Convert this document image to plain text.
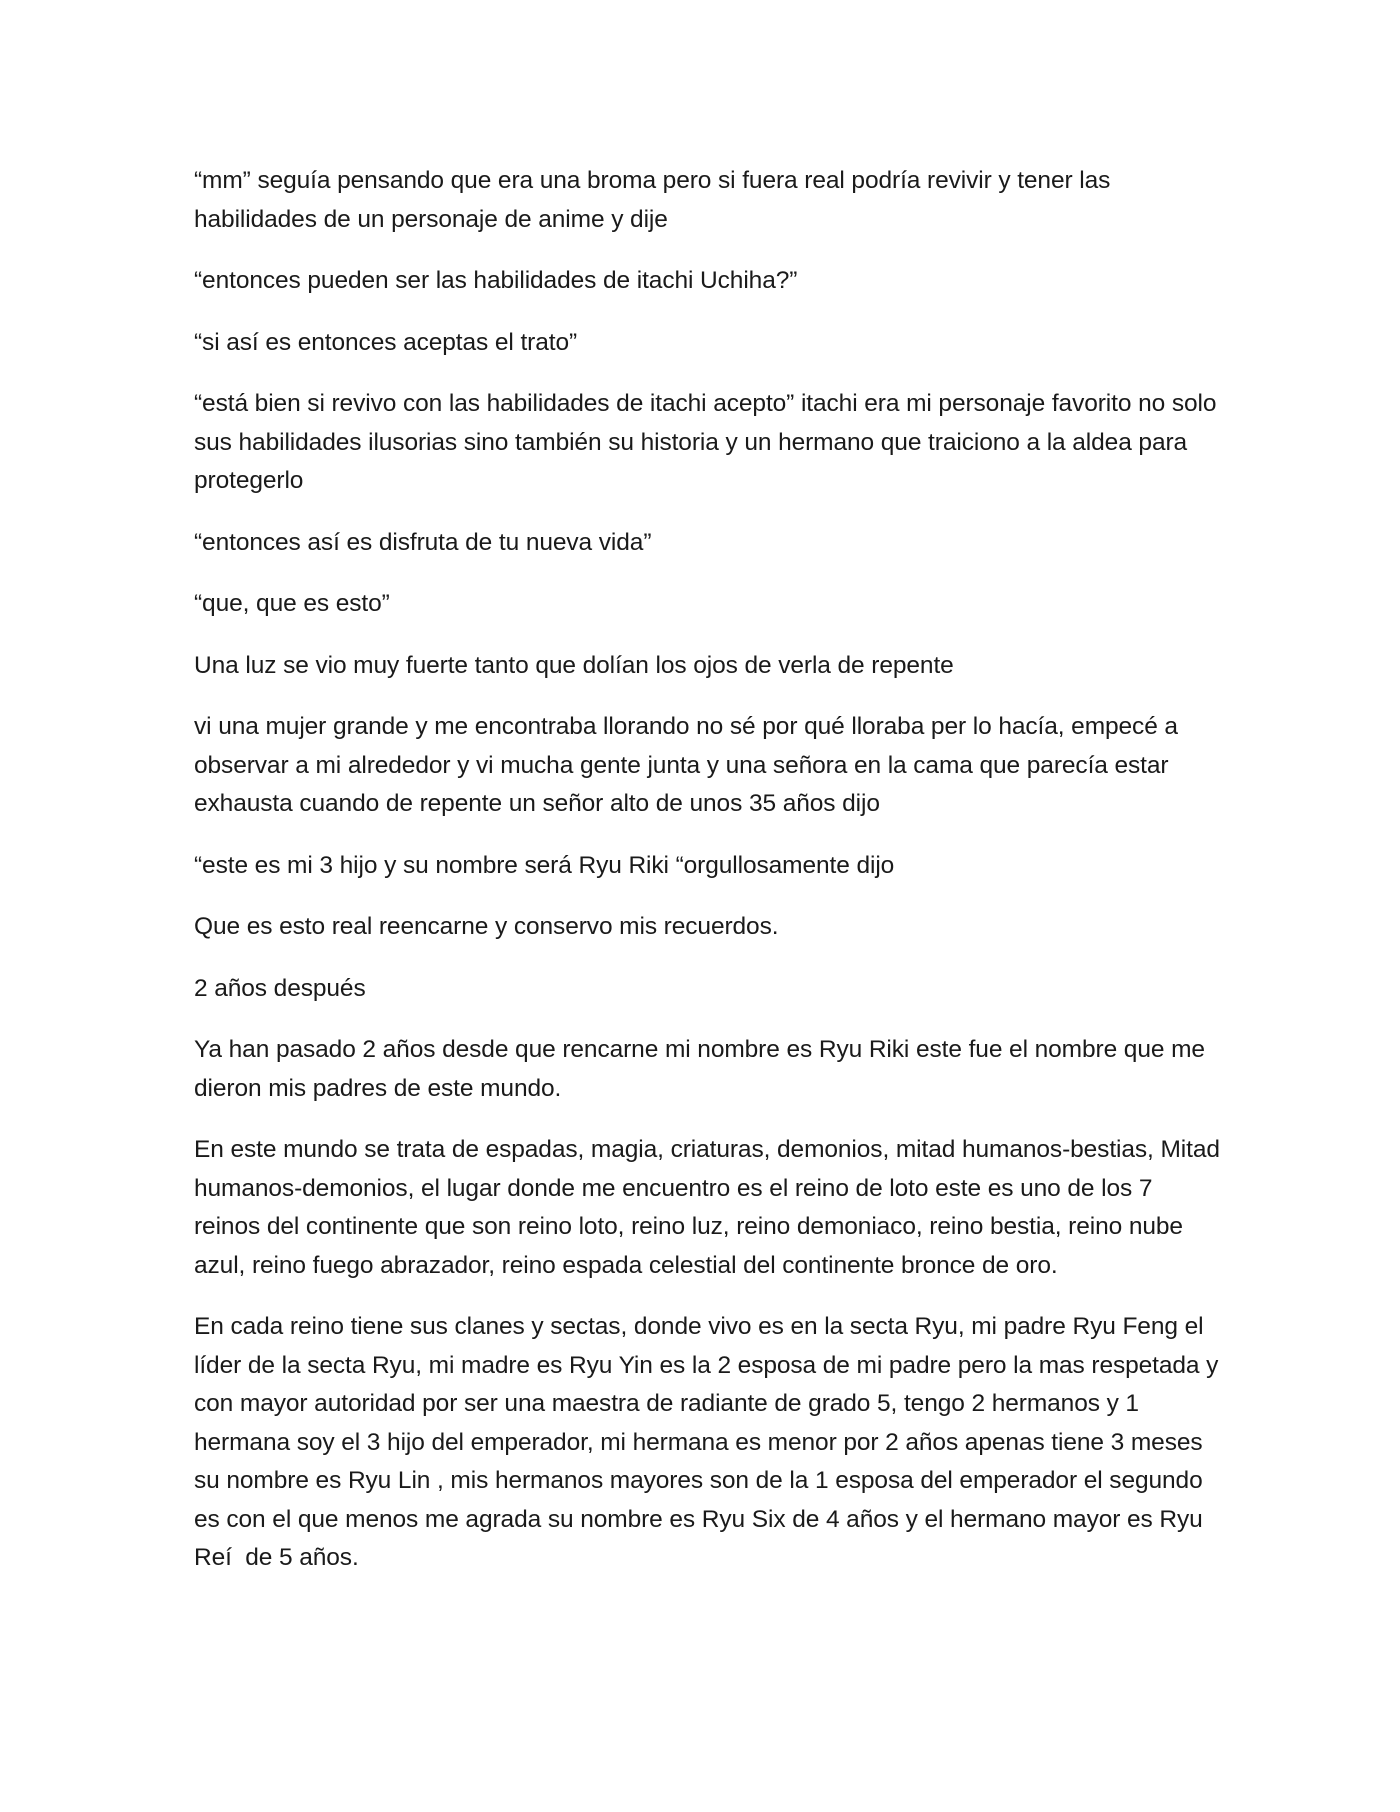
“mm” seguía pensando que era una broma pero si fuera real podría revivir y tener las habilidades de un personaje de anime y dije

“entonces pueden ser las habilidades de itachi Uchiha?”

“si así es entonces aceptas el trato”

“está bien si revivo con las habilidades de itachi acepto” itachi era mi personaje favorito no solo sus habilidades ilusorias sino también su historia y un hermano que traiciono a la aldea para protegerlo

“entonces así es disfruta de tu nueva vida”

“que, que es esto”

Una luz se vio muy fuerte tanto que dolían los ojos de verla de repente

vi una mujer grande y me encontraba llorando no sé por qué lloraba per lo hacía, empecé a observar a mi alrededor y vi mucha gente junta y una señora en la cama que parecía estar exhausta cuando de repente un señor alto de unos 35 años dijo

“este es mi 3 hijo y su nombre será Ryu Riki “orgullosamente dijo

Que es esto real reencarne y conservo mis recuerdos.

2 años después

Ya han pasado 2 años desde que rencarne mi nombre es Ryu Riki este fue el nombre que me dieron mis padres de este mundo.

En este mundo se trata de espadas, magia, criaturas, demonios, mitad humanos-bestias, Mitad humanos-demonios, el lugar donde me encuentro es el reino de loto este es uno de los 7 reinos del continente que son reino loto, reino luz, reino demoniaco, reino bestia, reino nube azul, reino fuego abrazador, reino espada celestial del continente bronce de oro.

En cada reino tiene sus clanes y sectas, donde vivo es en la secta Ryu, mi padre Ryu Feng el líder de la secta Ryu, mi madre es Ryu Yin es la 2 esposa de mi padre pero la mas respetada y con mayor autoridad por ser una maestra de radiante de grado 5, tengo 2 hermanos y 1 hermana soy el 3 hijo del emperador, mi hermana es menor por 2 años apenas tiene 3 meses su nombre es Ryu Lin , mis hermanos mayores son de la 1 esposa del emperador el segundo es con el que menos me agrada su nombre es Ryu Six de 4 años y el hermano mayor es Ryu Reí  de 5 años.
